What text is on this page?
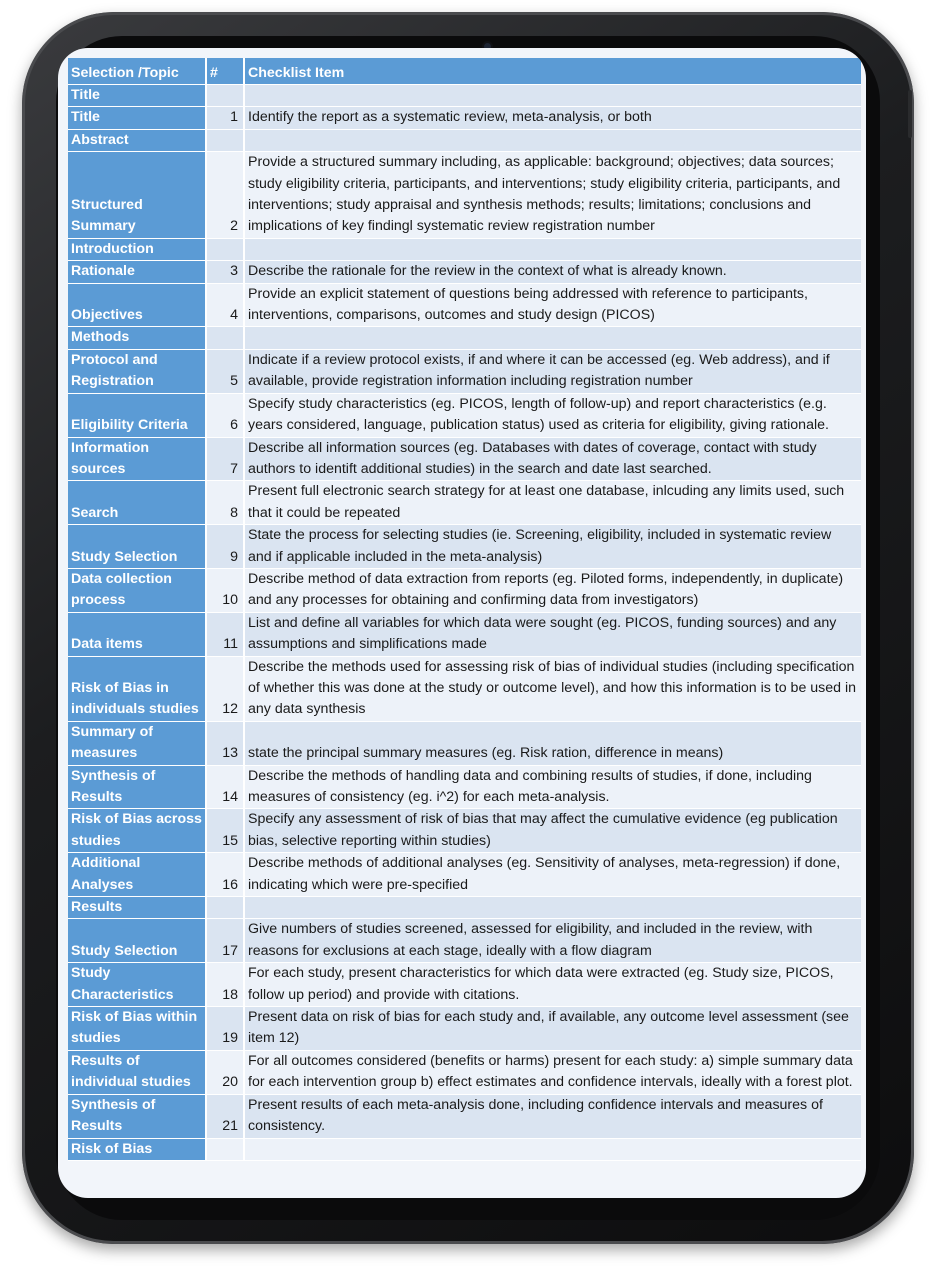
Selection /Topic	#	Checklist Item
Title		
Title	1	Identify the report as a systematic review, meta-analysis, or both
Abstract		
Structured Summary	2	Provide a structured summary including, as applicable: background; objectives; data sources; study eligibility criteria, participants, and interventions; study eligibility criteria, participants, and interventions; study appraisal and synthesis methods; results; limitations; conclusions and implications of key findingl systematic review registration number
Introduction		
Rationale	3	Describe the rationale for the review in the context of what is already known.
Objectives	4	Provide an explicit statement of questions being addressed with reference to participants, interventions, comparisons, outcomes and study design (PICOS)
Methods		
Protocol and Registration	5	Indicate if a review protocol exists, if and where it can be accessed (eg. Web address), and if available, provide registration information including registration number
Eligibility Criteria	6	Specify study characteristics (eg. PICOS, length of follow-up) and report characteristics (e.g. years considered, language, publication status) used as criteria for eligibility, giving rationale.
Information sources	7	Describe all information sources (eg. Databases with dates of coverage, contact with study authors to identift additional studies) in the search and date last searched.
Search	8	Present full electronic search strategy for at least one database, inlcuding any limits used, such that it could be repeated
Study Selection	9	State the process for selecting studies (ie. Screening, eligibility, included in systematic review and if applicable included in the meta-analysis)
Data collection process	10	Describe method of data extraction from reports (eg. Piloted forms, independently, in duplicate) and any processes for obtaining and confirming data from investigators)
Data items	11	List and define all variables for which data were sought (eg. PICOS, funding sources) and any assumptions and simplifications made
Risk of Bias in individuals studies	12	Describe the methods used for assessing risk of bias of individual studies (including specification of whether this was done at the study or outcome level), and how this information is to be used in any data synthesis
Summary of measures	13	state the principal summary measures (eg. Risk ration, difference in means)
Synthesis of Results	14	Describe the methods of handling data and combining results of studies, if done, including measures of consistency (eg. i^2) for each meta-analysis.
Risk of Bias across studies	15	Specify any assessment of risk of bias that may affect the cumulative evidence (eg publication bias, selective reporting within studies)
Additional Analyses	16	Describe methods of additional analyses (eg. Sensitivity of analyses, meta-regression) if done, indicating which were pre-specified
Results		
Study Selection	17	Give numbers of studies screened, assessed for eligibility, and included in the review, with reasons for exclusions at each stage, ideally with a flow diagram
Study Characteristics	18	For each study, present characteristics for which data were extracted (eg. Study size, PICOS, follow up period) and provide with citations.
Risk of Bias within studies	19	Present data on risk of bias for each study and, if available, any outcome level assessment (see item 12)
Results of individual studies	20	For all outcomes considered (benefits or harms) present for each study: a) simple summary data for each intervention group b) effect estimates and confidence intervals, ideally with a forest plot.
Synthesis of Results	21	Present results of each meta-analysis done, including confidence intervals and measures of consistency.
Risk of Bias		
